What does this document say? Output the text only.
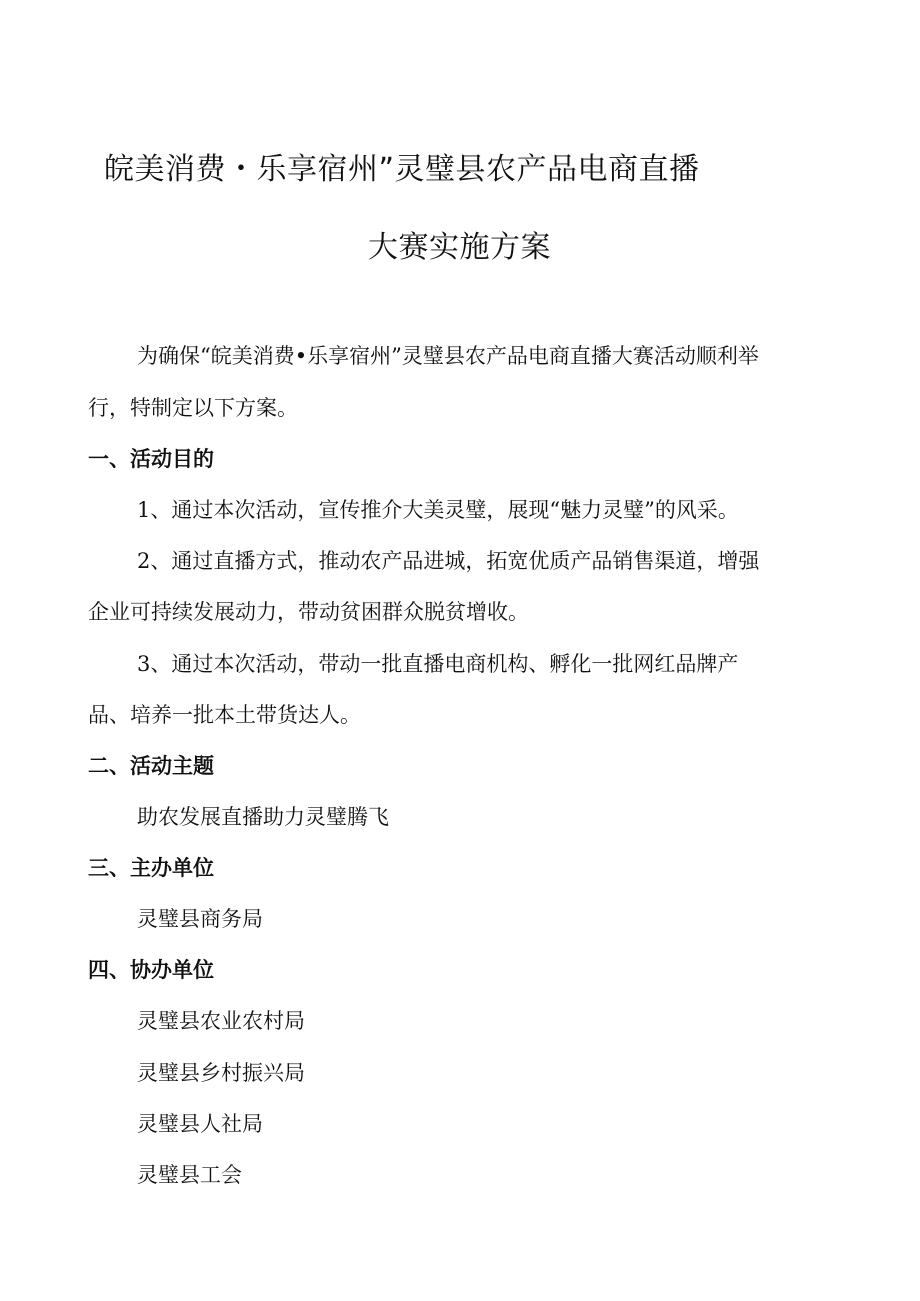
皖美消费・乐享宿州”灵璧县农产品电商直播
大赛实施方案

为确保“皖美消费•乐享宿州”灵璧县农产品电商直播大赛活动顺利举

行，特制定以下方案。

一、活动目的

1、通过本次活动，宣传推介大美灵璧，展现“魅力灵璧”的风采。

2、通过直播方式，推动农产品进城，拓宽优质产品销售渠道，增强

企业可持续发展动力，带动贫困群众脱贫增收。

3、通过本次活动，带动一批直播电商机构、孵化一批网红品牌产

品、培养一批本土带货达人。

二、活动主题

助农发展直播助力灵璧腾飞

三、主办单位

灵璧县商务局

四、协办单位

灵璧县农业农村局

灵璧县乡村振兴局

灵璧县人社局

灵璧县工会
